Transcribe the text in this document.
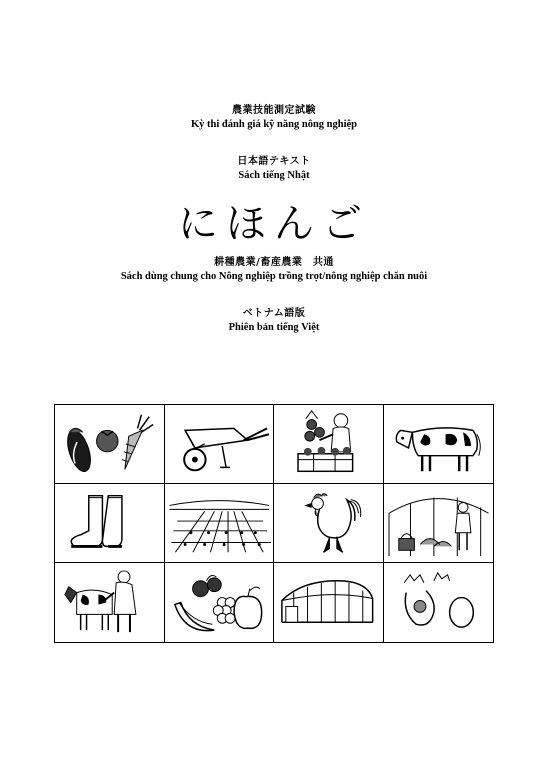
農業技能測定試験
Kỳ thi đánh giá kỹ năng nông nghiệp
日本語テキスト
Sách tiếng Nhật
にほんご
耕種農業/畜産農業　共通
Sách dùng chung cho Nông nghiệp trồng trọt/nông nghiệp chăn nuôi
ベトナム語版
Phiên bản tiếng Việt
